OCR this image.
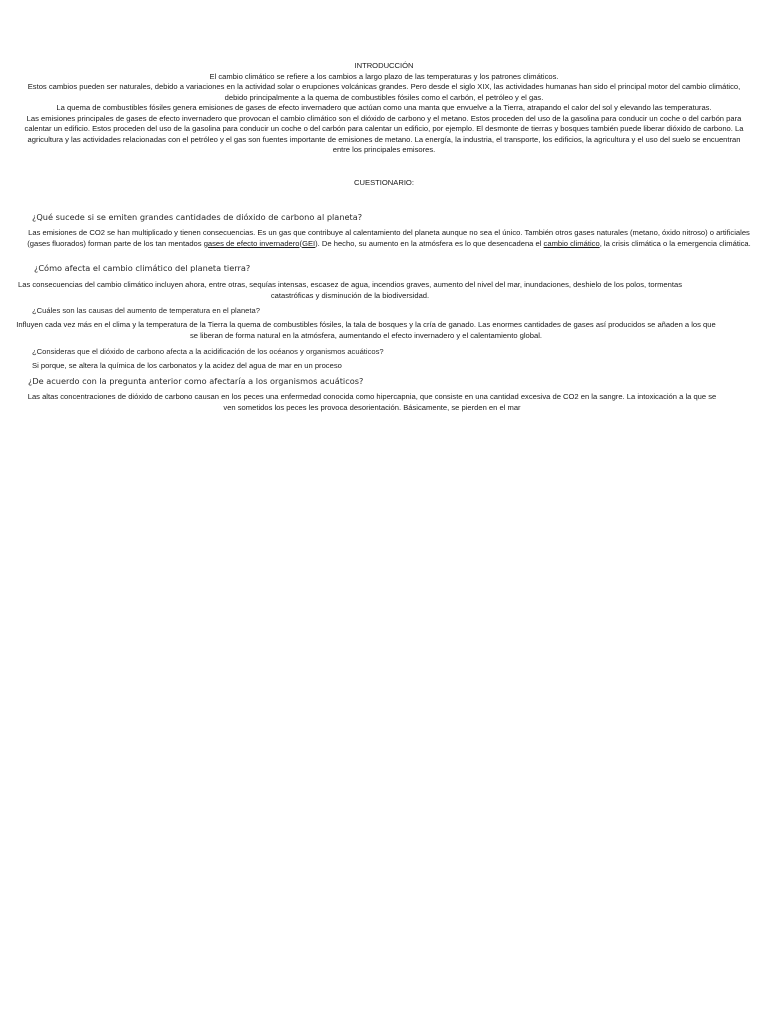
INTRODUCCIÓN

El cambio climático se refiere a los cambios a largo plazo de las temperaturas y los patrones climáticos.

Estos cambios pueden ser naturales, debido a variaciones en la actividad solar o erupciones volcánicas grandes. Pero desde el siglo XIX, las actividades humanas han sido el principal motor del cambio climático, debido principalmente a la quema de combustibles fósiles como el carbón, el petróleo y el gas.

La quema de combustibles fósiles genera emisiones de gases de efecto invernadero que actúan como una manta que envuelve a la Tierra, atrapando el calor del sol y elevando las temperaturas.

Las emisiones principales de gases de efecto invernadero que provocan el cambio climático son el dióxido de carbono y el metano. Estos proceden del uso de la gasolina para conducir un coche o del carbón para calentar un edificio. Estos proceden del uso de la gasolina para conducir un coche o del carbón para calentar un edificio, por ejemplo. El desmonte de tierras y bosques también puede liberar dióxido de carbono. La agricultura y las actividades relacionadas con el petróleo y el gas son fuentes importante de emisiones de metano. La energía, la industria, el transporte, los edificios, la agricultura y el uso del suelo se encuentran entre los principales emisores.

CUESTIONARIO:

¿Qué sucede si se emiten grandes cantidades de dióxido de carbono al planeta?

Las emisiones de CO2 se han multiplicado y tienen consecuencias. Es un gas que contribuye al calentamiento del planeta aunque no sea el único. También otros gases naturales (metano, óxido nitroso) o artificiales (gases fluorados) forman parte de los tan mentados gases de efecto invernadero(GEI). De hecho, su aumento en la atmósfera es lo que desencadena el cambio climático, la crisis climática o la emergencia climática.

¿Cómo afecta el cambio climático del planeta tierra?

Las consecuencias del cambio climático incluyen ahora, entre otras, sequías intensas, escasez de agua, incendios graves, aumento del nivel del mar, inundaciones, deshielo de los polos, tormentas catastróficas y disminución de la biodiversidad.

¿Cuáles son las causas del aumento de temperatura en el planeta?

Influyen cada vez más en el clima y la temperatura de la Tierra la quema de combustibles fósiles, la tala de bosques y la cría de ganado. Las enormes cantidades de gases así producidos se añaden a los que se liberan de forma natural en la atmósfera, aumentando el efecto invernadero y el calentamiento global.

¿Consideras que el dióxido de carbono afecta a la acidificación de los océanos y organismos acuáticos?

Si porque, se altera la química de los carbonatos y la acidez del agua de mar en un proceso

¿De acuerdo con la pregunta anterior como afectaría a los organismos acuáticos?

Las altas concentraciones de dióxido de carbono causan en los peces una enfermedad conocida como hipercapnia, que consiste en una cantidad excesiva de CO2 en la sangre. La intoxicación a la que se ven sometidos los peces les provoca desorientación. Básicamente, se pierden en el mar
